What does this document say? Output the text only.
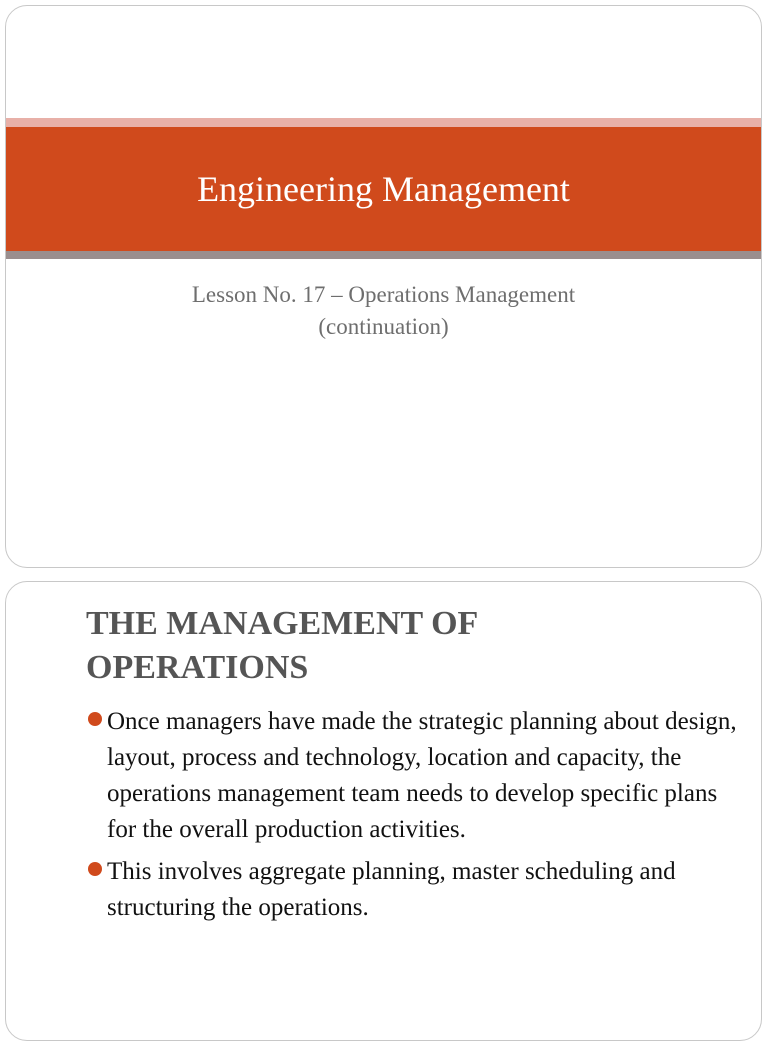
Engineering Management
Lesson No. 17 – Operations Management
(continuation)
THE MANAGEMENT OF
OPERATIONS
Once managers have made the strategic planning about design, layout, process and technology, location and capacity, the operations management team needs to develop specific plans for the overall production activities.
This involves aggregate planning, master scheduling and structuring the operations.
